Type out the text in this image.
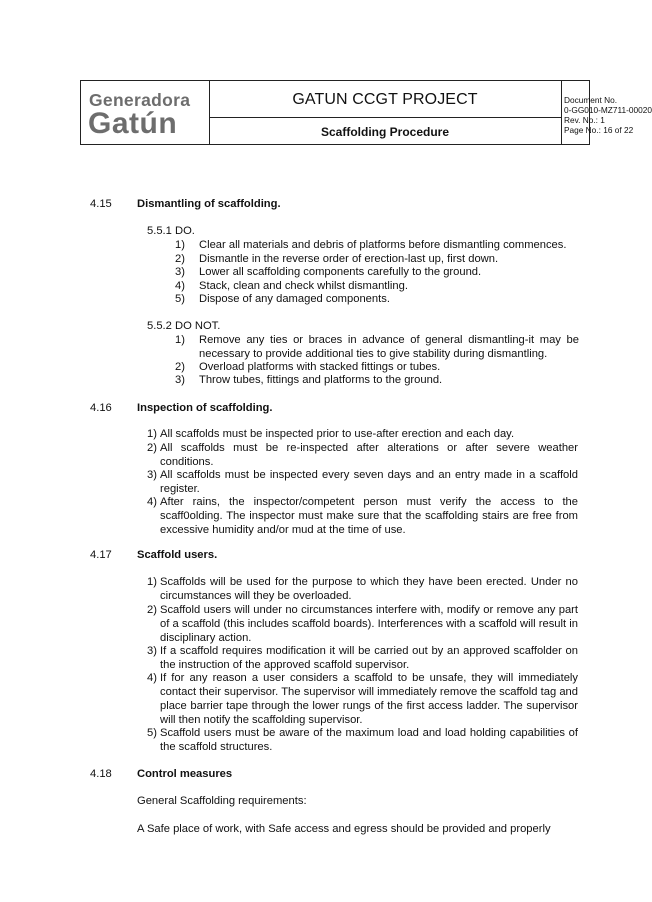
Generadora
Gatún
GATUN CCGT PROJECT
Scaffolding Procedure
Document No.
0-GG010-MZ711-00020
Rev. No. : 1
Page No. : 16 of 22
4.15 Dismantling of scaffolding.
5.5.1 DO.
1)	Clear all materials and debris of platforms before dismantling commences.
2)	Dismantle in the reverse order of erection-last up, first down.
3)	Lower all scaffolding components carefully to the ground.
4)	Stack, clean and check whilst dismantling.
5)	Dispose of any damaged components.
5.5.2 DO NOT.
1)	Remove any ties or braces in advance of general dismantling-it may be necessary to provide additional ties to give stability during dismantling.
2)	Overload platforms with stacked fittings or tubes.
3)	Throw tubes, fittings and platforms to the ground.
4.16 Inspection of scaffolding.
1) All scaffolds must be inspected prior to use-after erection and each day.
2) All scaffolds must be re-inspected after alterations or after severe weather conditions.
3) All scaffolds must be inspected every seven days and an entry made in a scaffold register.
4) After rains, the inspector/competent person must verify the access to the scaff0olding. The inspector must make sure that the scaffolding stairs are free from excessive humidity and/or mud at the time of use.
4.17 Scaffold users.
1) Scaffolds will be used for the purpose to which they have been erected. Under no circumstances will they be overloaded.
2) Scaffold users will under no circumstances interfere with, modify or remove any part of a scaffold (this includes scaffold boards). Interferences with a scaffold will result in disciplinary action.
3) If a scaffold requires modification it will be carried out by an approved scaffolder on the instruction of the approved scaffold supervisor.
4) If for any reason a user considers a scaffold to be unsafe, they will immediately contact their supervisor. The supervisor will immediately remove the scaffold tag and place barrier tape through the lower rungs of the first access ladder. The supervisor will then notify the scaffolding supervisor.
5) Scaffold users must be aware of the maximum load and load holding capabilities of the scaffold structures.
4.18 Control measures
General Scaffolding requirements:
A Safe place of work, with Safe access and egress should be provided and properly
